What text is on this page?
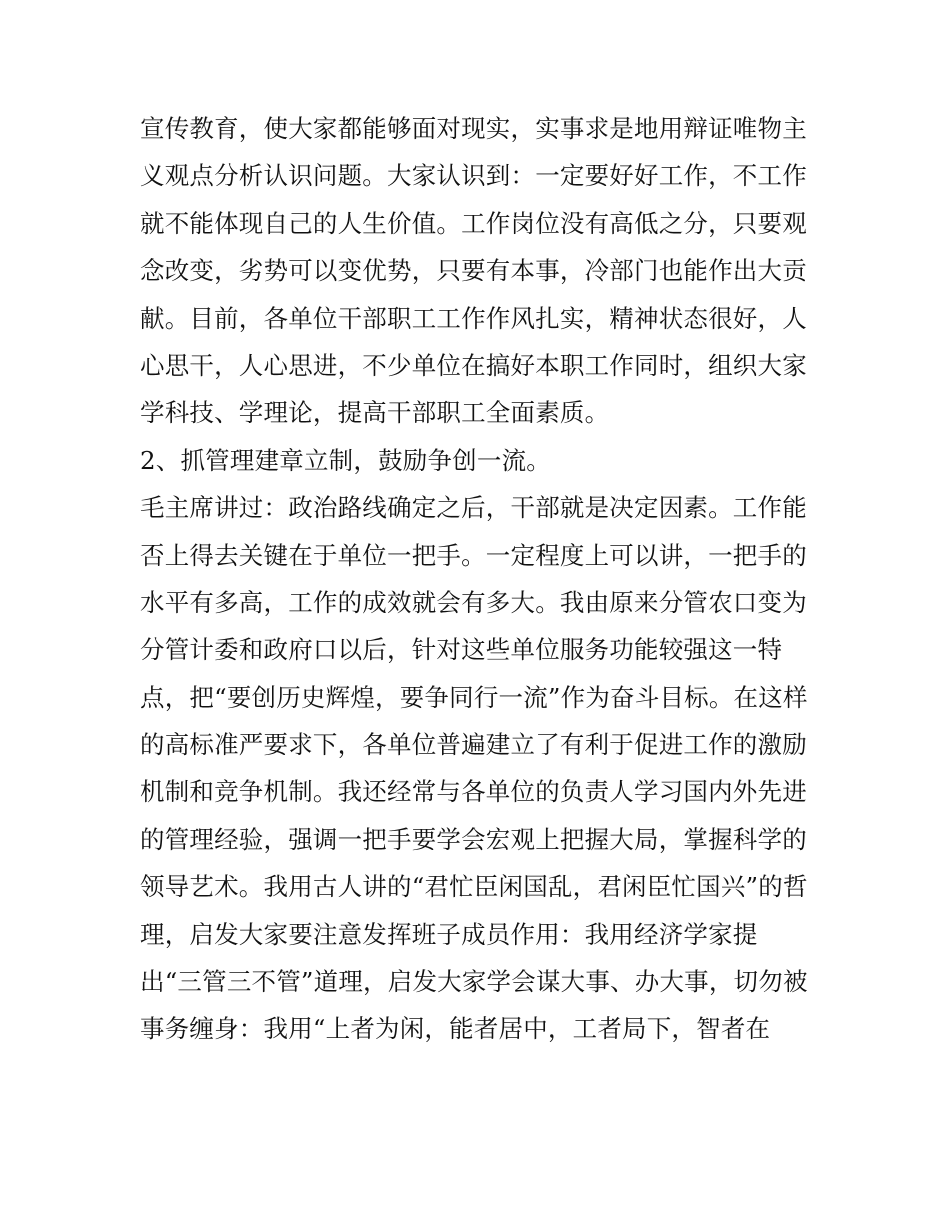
宣传教育，使大家都能够面对现实，实事求是地用辩证唯物主
义观点分析认识问题。大家认识到：一定要好好工作，不工作
就不能体现自己的人生价值。工作岗位没有高低之分，只要观
念改变，劣势可以变优势，只要有本事，冷部门也能作出大贡
献。目前，各单位干部职工工作作风扎实，精神状态很好，人
心思干，人心思进，不少单位在搞好本职工作同时，组织大家
学科技、学理论，提高干部职工全面素质。
2、抓管理建章立制，鼓励争创一流。
毛主席讲过：政治路线确定之后，干部就是决定因素。工作能
否上得去关键在于单位一把手。一定程度上可以讲，一把手的
水平有多高，工作的成效就会有多大。我由原来分管农口变为
分管计委和政府口以后，针对这些单位服务功能较强这一特
点，把“要创历史辉煌，要争同行一流”作为奋斗目标。在这样
的高标准严要求下，各单位普遍建立了有利于促进工作的激励
机制和竞争机制。我还经常与各单位的负责人学习国内外先进
的管理经验，强调一把手要学会宏观上把握大局，掌握科学的
领导艺术。我用古人讲的“君忙臣闲国乱，君闲臣忙国兴”的哲
理，启发大家要注意发挥班子成员作用：我用经济学家提
出“三管三不管”道理，启发大家学会谋大事、办大事，切勿被
事务缠身：我用“上者为闲，能者居中，工者局下，智者在
